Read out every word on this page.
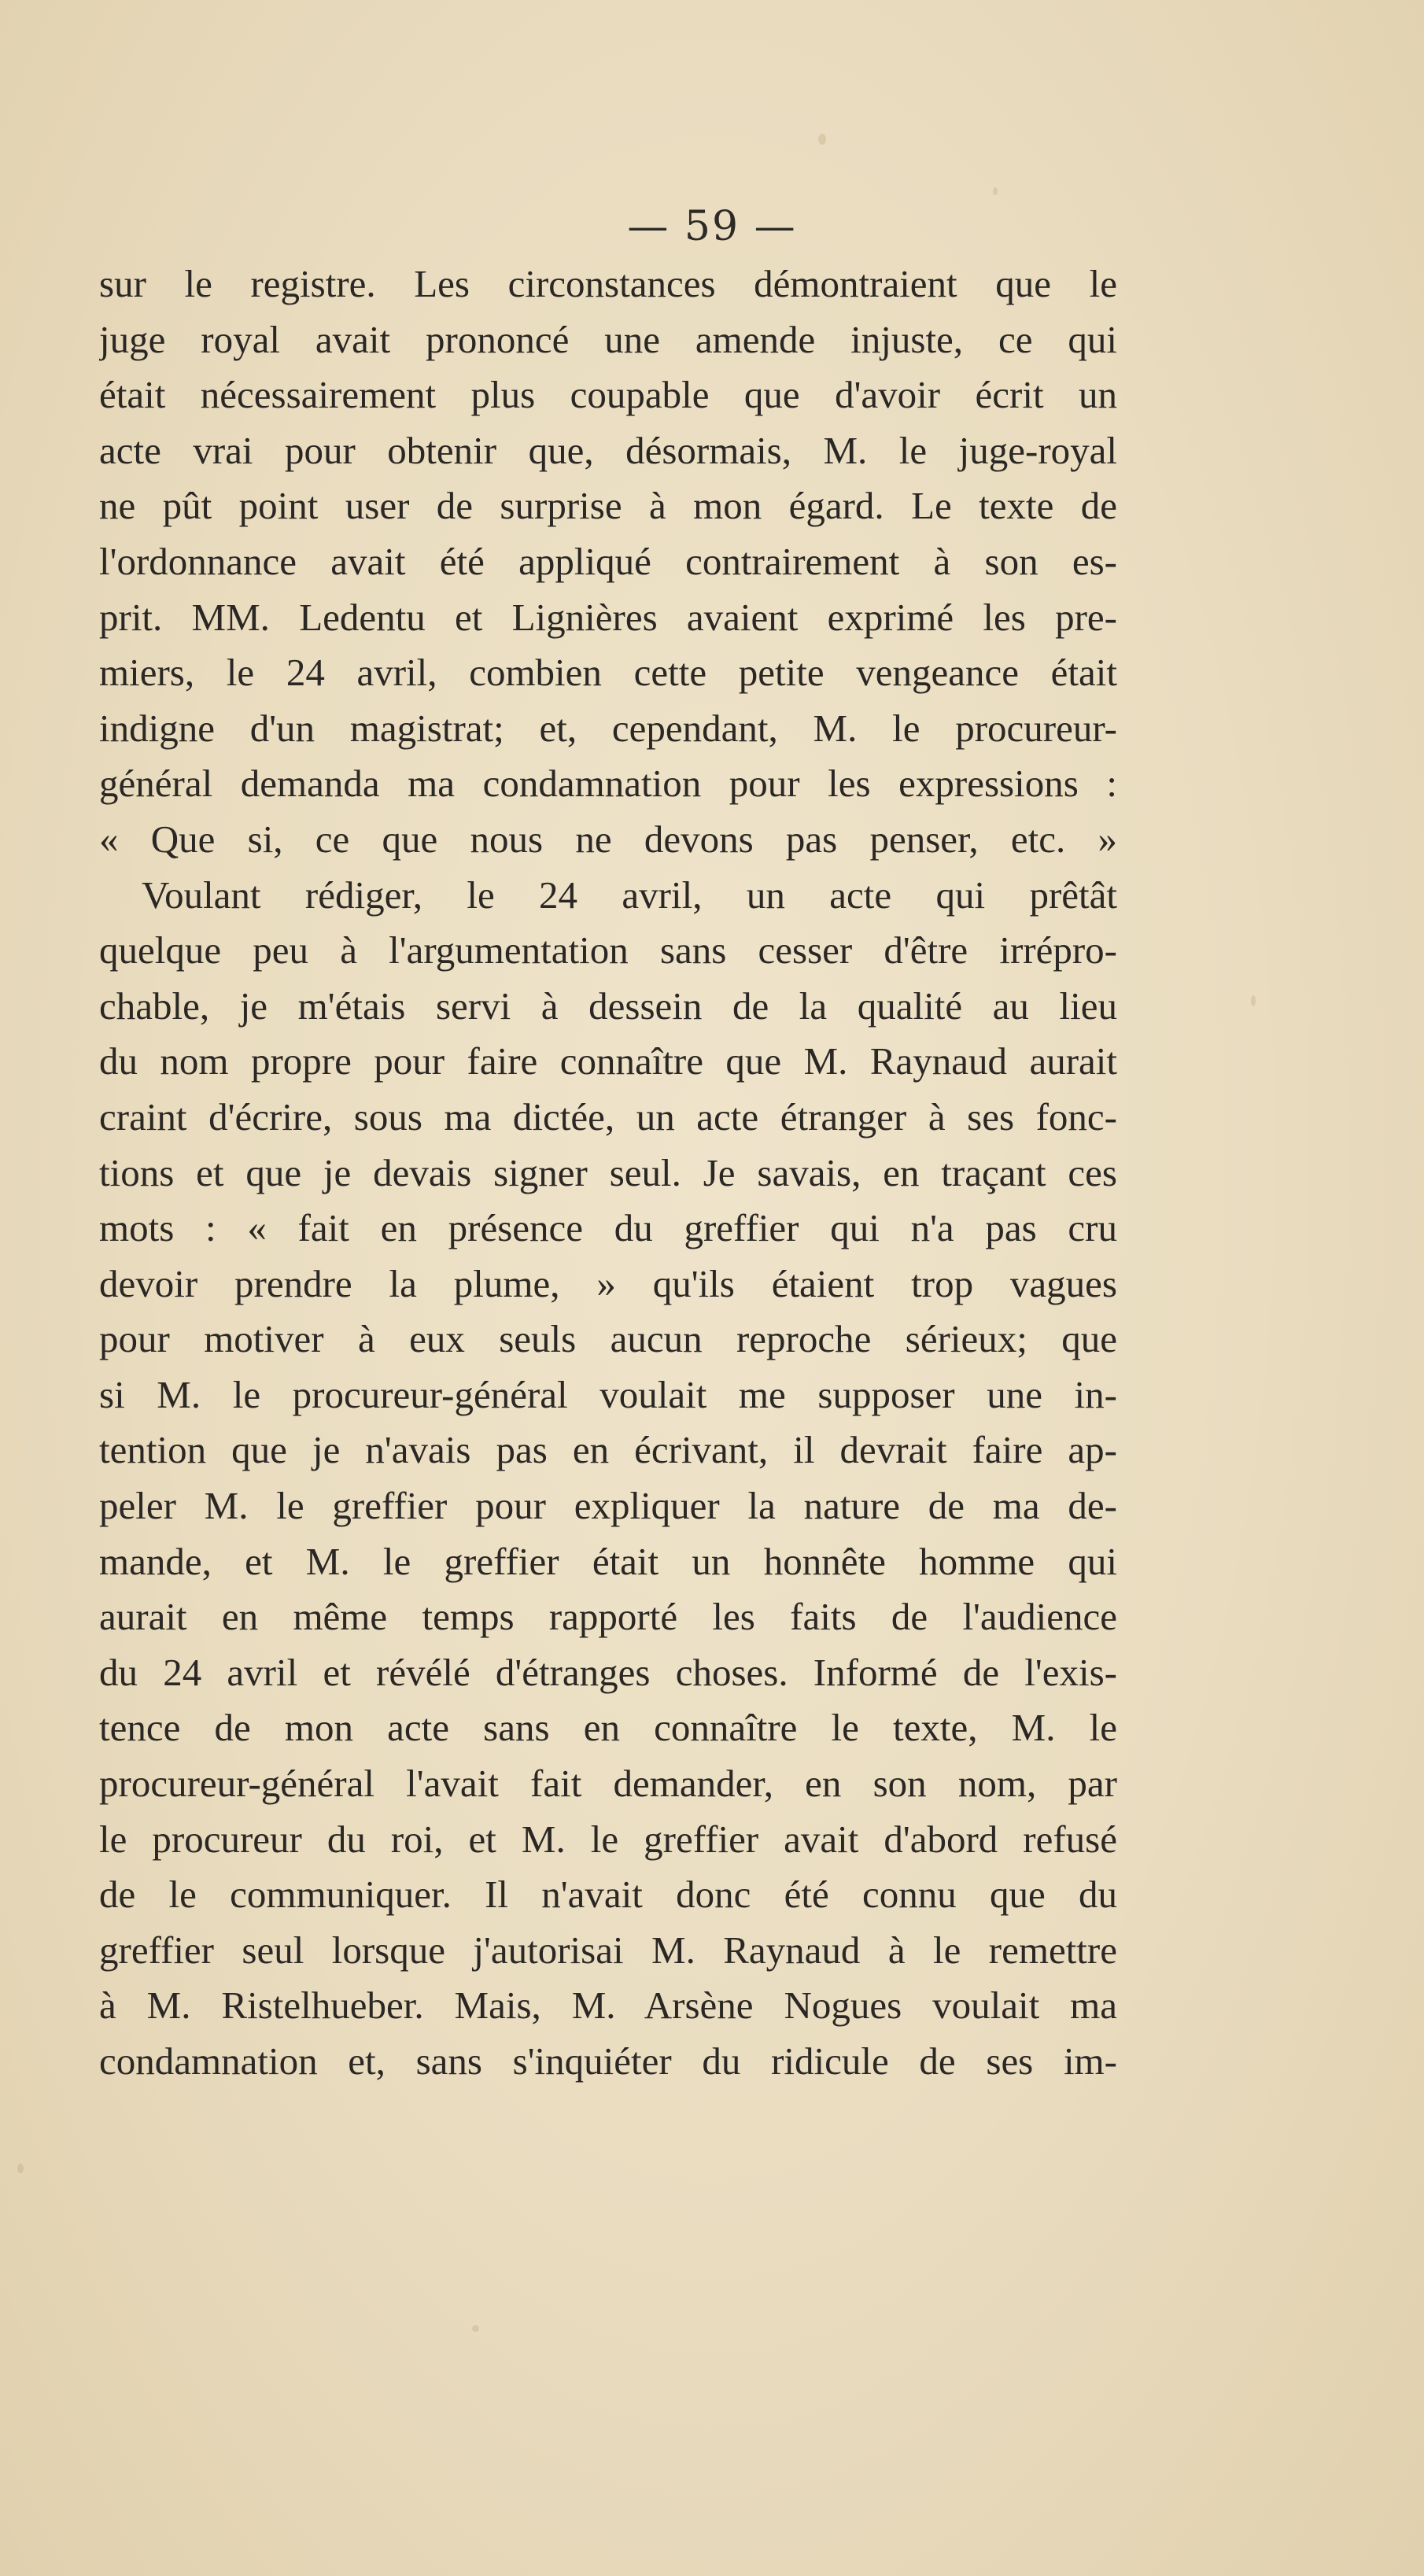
— 59 —
sur le registre. Les circonstances démontraient que le
juge royal avait prononcé une amende injuste, ce qui
était nécessairement plus coupable que d'avoir écrit un
acte vrai pour obtenir que, désormais, M. le juge-royal
ne pût point user de surprise à mon égard. Le texte de
l'ordonnance avait été appliqué contrairement à son es-
prit. MM. Ledentu et Lignières avaient exprimé les pre-
miers, le 24 avril, combien cette petite vengeance était
indigne d'un magistrat; et, cependant, M. le procureur-
général demanda ma condamnation pour les expressions :
« Que si, ce que nous ne devons pas penser, etc. »
Voulant rédiger, le 24 avril, un acte qui prêtât
quelque peu à l'argumentation sans cesser d'être irrépro-
chable, je m'étais servi à dessein de la qualité au lieu
du nom propre pour faire connaître que M. Raynaud aurait
craint d'écrire, sous ma dictée, un acte étranger à ses fonc-
tions et que je devais signer seul. Je savais, en traçant ces
mots : « fait en présence du greffier qui n'a pas cru
devoir prendre la plume, » qu'ils étaient trop vagues
pour motiver à eux seuls aucun reproche sérieux; que
si M. le procureur-général voulait me supposer une in-
tention que je n'avais pas en écrivant, il devrait faire ap-
peler M. le greffier pour expliquer la nature de ma de-
mande, et M. le greffier était un honnête homme qui
aurait en même temps rapporté les faits de l'audience
du 24 avril et révélé d'étranges choses. Informé de l'exis-
tence de mon acte sans en connaître le texte, M. le
procureur-général l'avait fait demander, en son nom, par
le procureur du roi, et M. le greffier avait d'abord refusé
de le communiquer. Il n'avait donc été connu que du
greffier seul lorsque j'autorisai M. Raynaud à le remettre
à M. Ristelhueber. Mais, M. Arsène Nogues voulait ma
condamnation et, sans s'inquiéter du ridicule de ses im-
